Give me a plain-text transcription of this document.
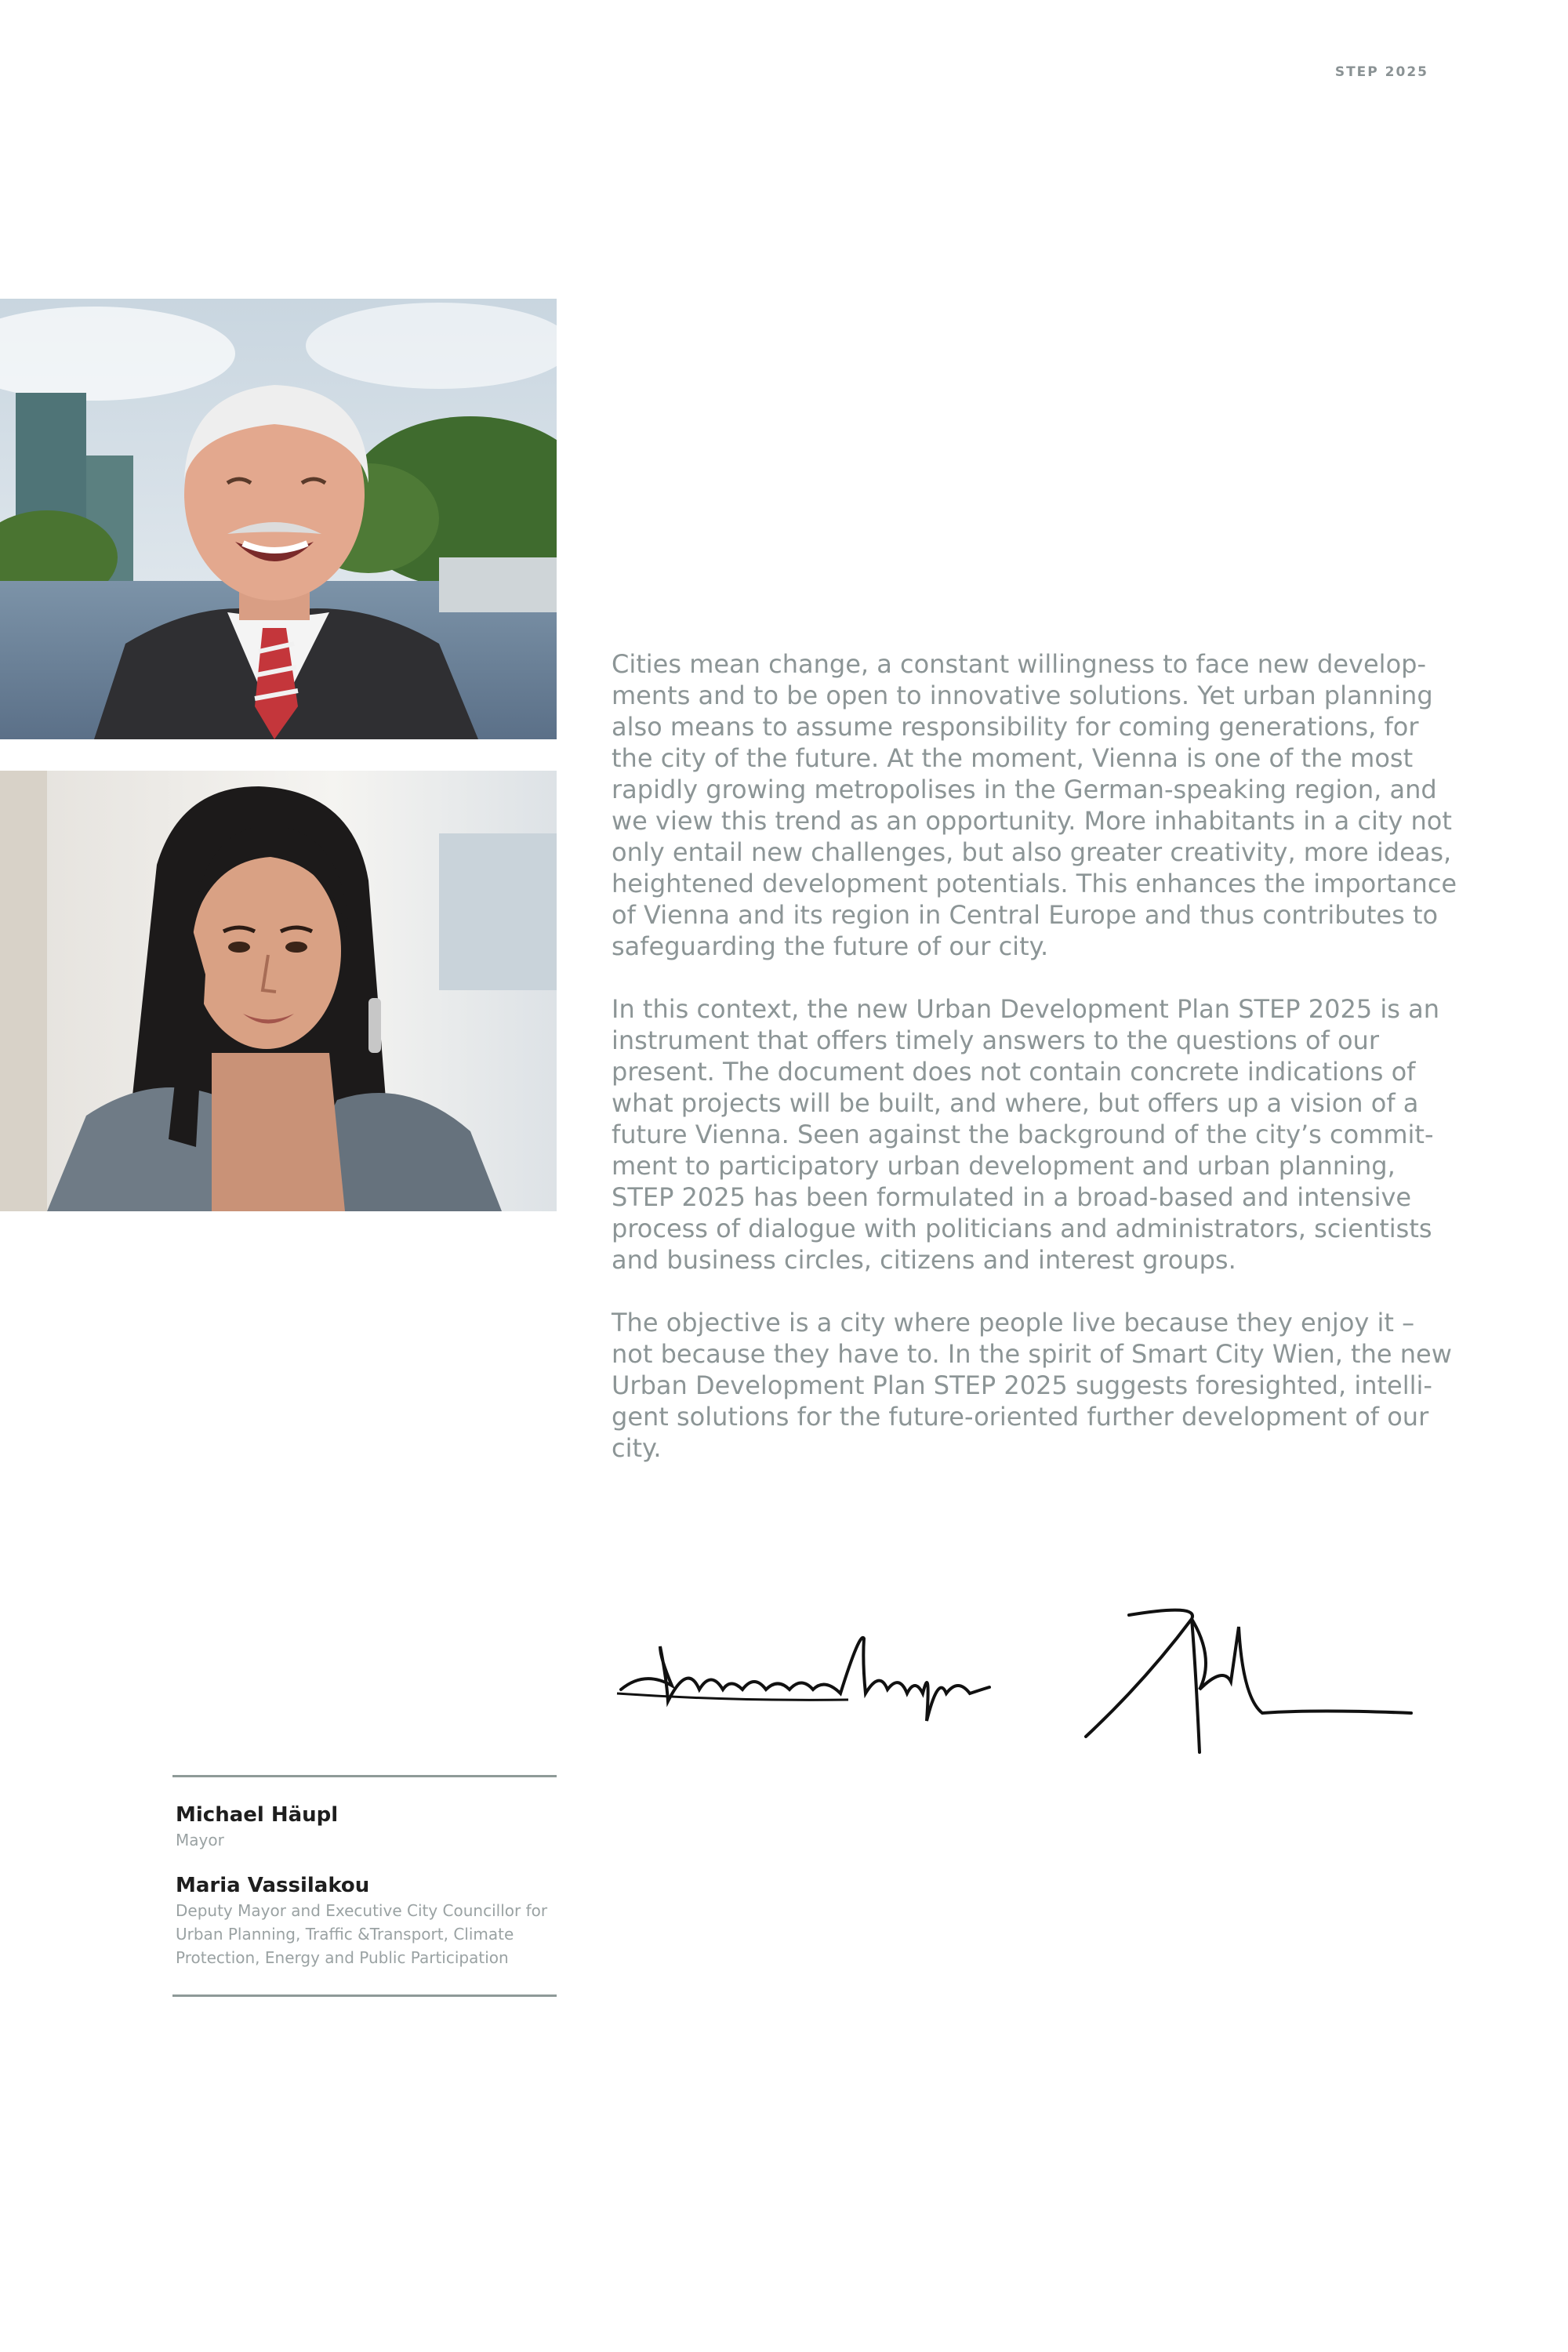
STEP 2025

Cities mean change, a constant willingness to face new develop-ments and to be open to innovative solutions. Yet urban planning also means to assume responsibility for coming generations, for the city of the future. At the moment, Vienna is one of the most rapidly growing metropolises in the German-speaking region, and we view this trend as an opportunity. More inhabitants in a city not only entail new challenges, but also greater creativity, more ideas, heightened development potentials. This enhances the importance of Vienna and its region in Central Europe and thus contributes to safeguarding the future of our city.

In this context, the new Urban Development Plan STEP 2025 is an instrument that offers timely answers to the questions of our present. The document does not contain concrete indications of what projects will be built, and where, but offers up a vision of a future Vienna. Seen against the background of the city’s commit-ment to participatory urban development and urban planning, STEP 2025 has been formulated in a broad-based and intensive process of dialogue with politicians and administrators, scientists and business circles, citizens and interest groups.

The objective is a city where people live because they enjoy it – not because they have to. In the spirit of Smart City Wien, the new Urban Development Plan STEP 2025 suggests foresighted, intelli-gent solutions for the future-oriented further development of our city.

Michael Häupl
Mayor
Maria Vassilakou
Deputy Mayor and Executive City Councillor for Urban Planning, Traffic &Transport, Climate Protection, Energy and Public Participation
